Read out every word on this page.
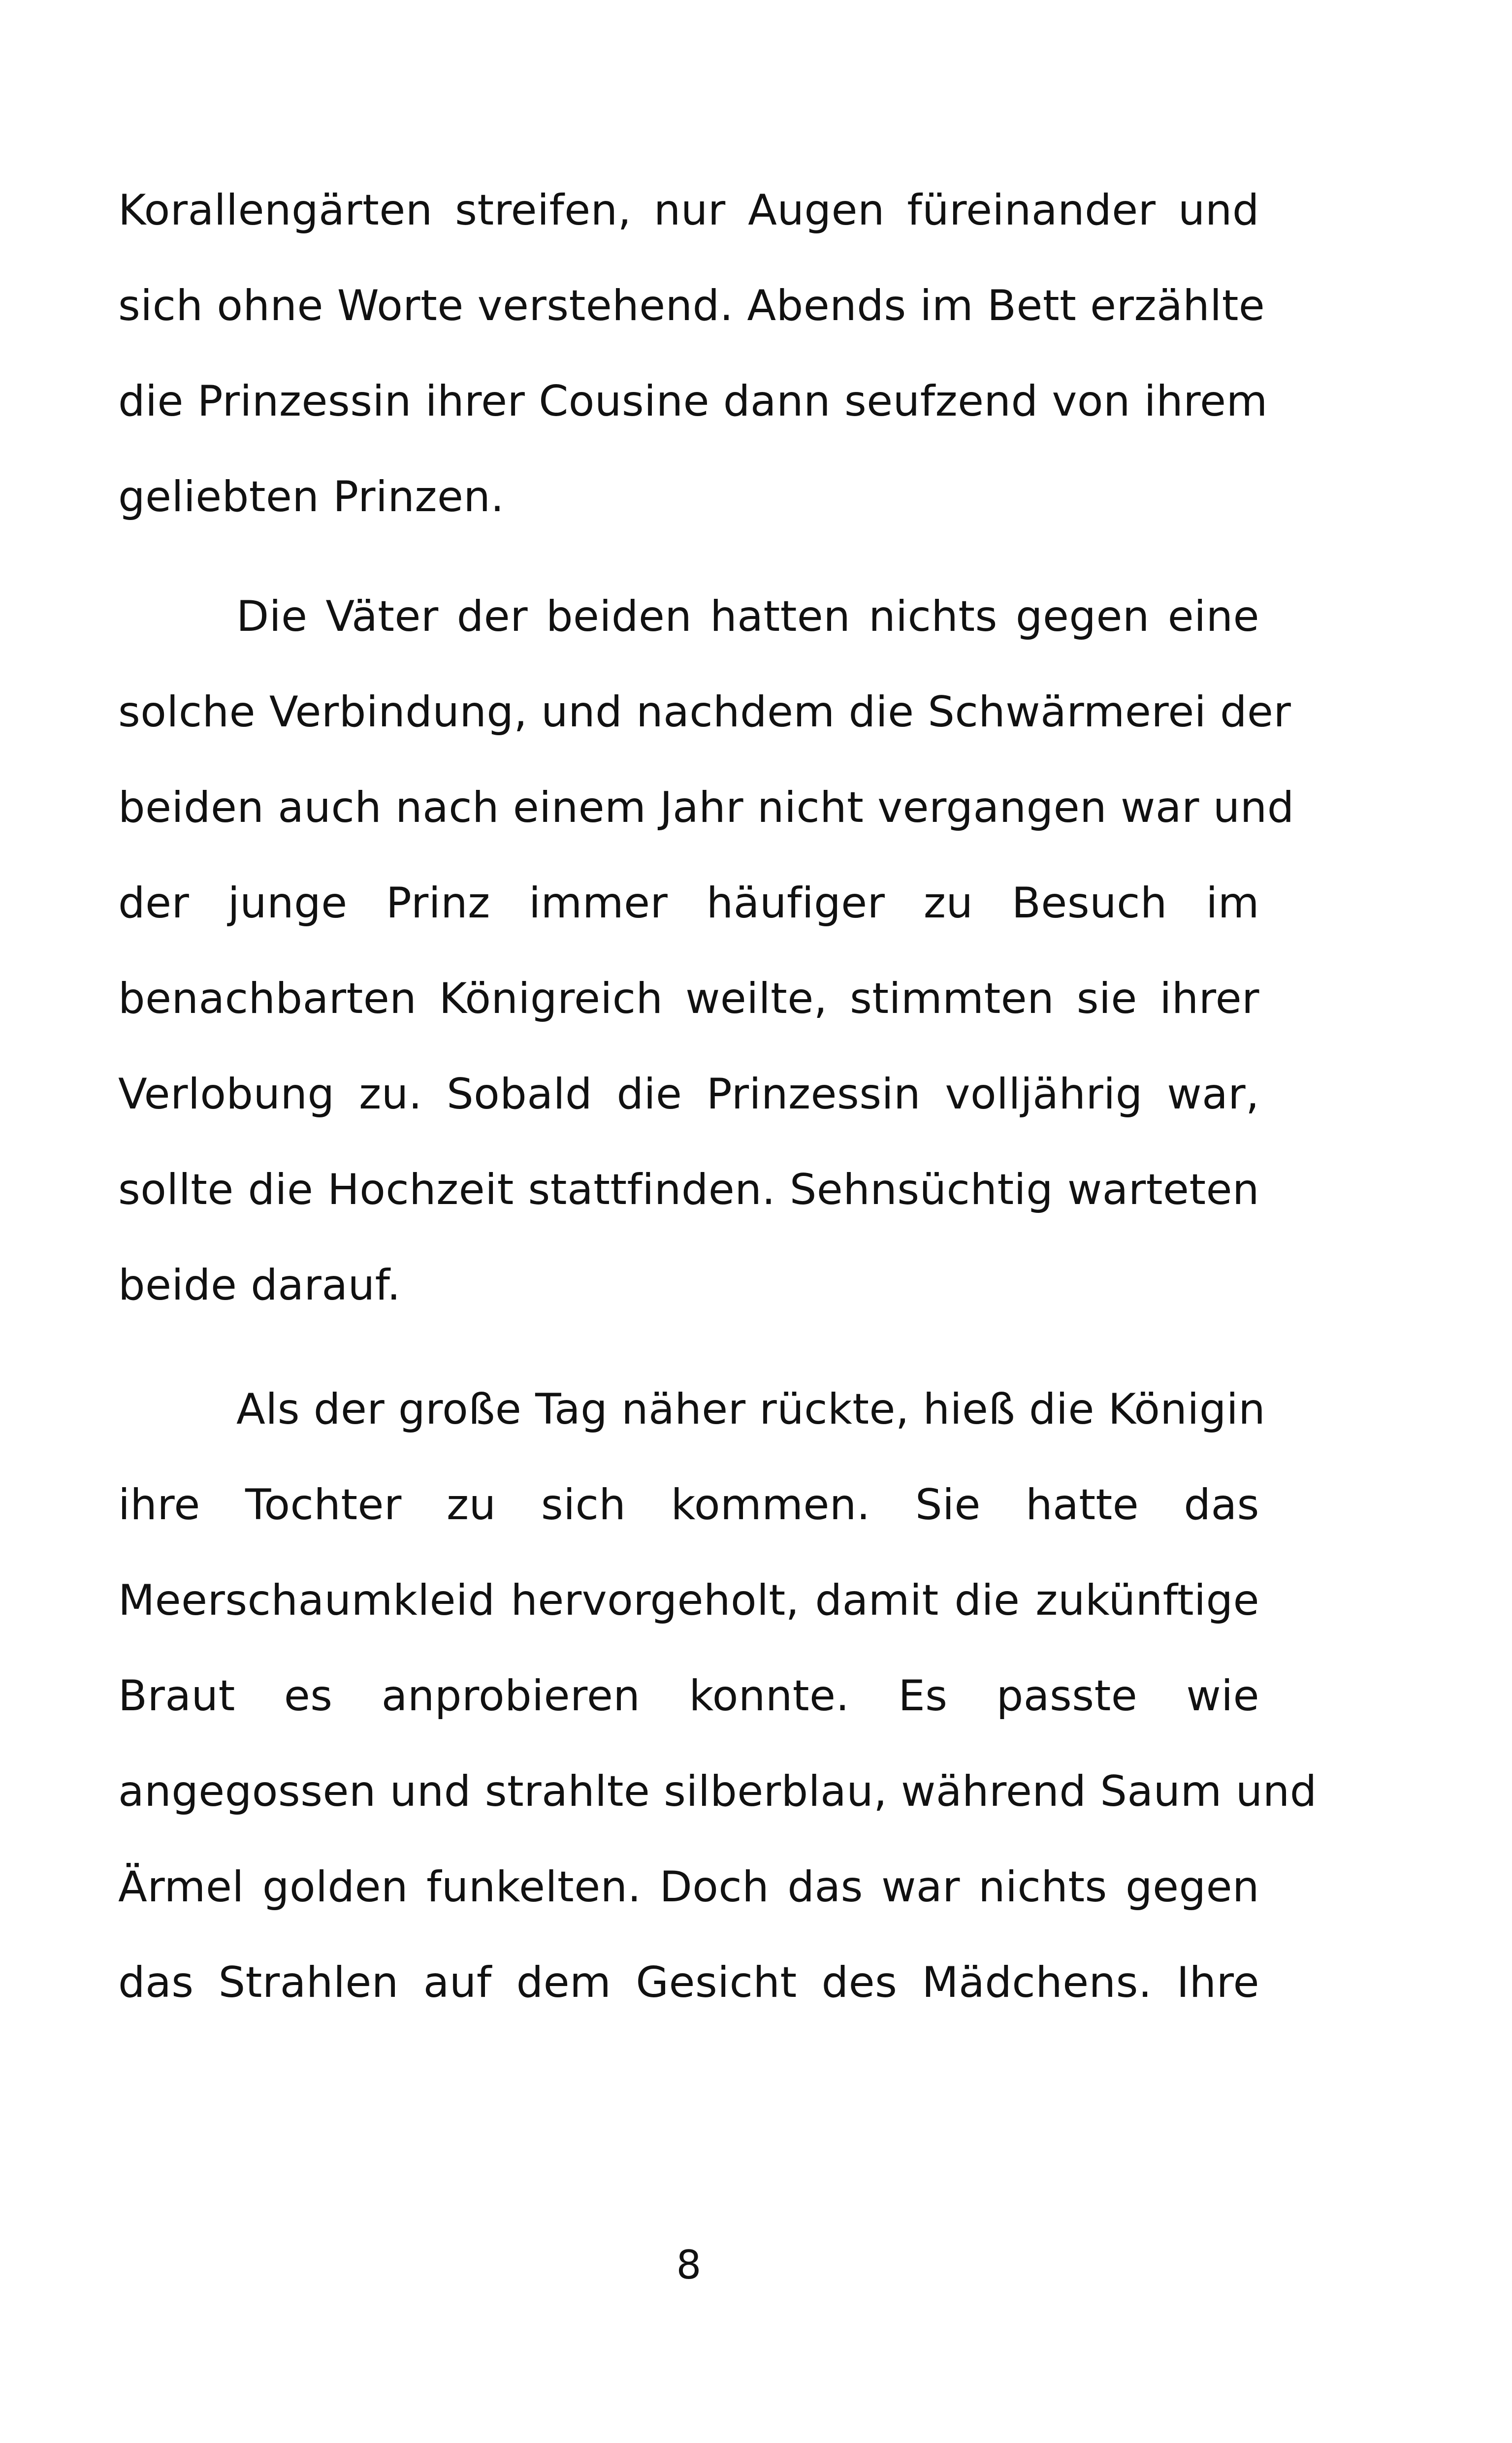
Korallengärten streifen, nur Augen füreinander und
sich ohne Worte verstehend. Abends im Bett erzählte
die Prinzessin ihrer Cousine dann seufzend von ihrem
geliebten Prinzen.
Die Väter der beiden hatten nichts gegen eine
solche Verbindung, und nachdem die Schwärmerei der
beiden auch nach einem Jahr nicht vergangen war und
der junge Prinz immer häufiger zu Besuch im
benachbarten Königreich weilte, stimmten sie ihrer
Verlobung zu. Sobald die Prinzessin volljährig war,
sollte die Hochzeit stattfinden. Sehnsüchtig warteten
beide darauf.
Als der große Tag näher rückte, hieß die Königin
ihre Tochter zu sich kommen. Sie hatte das
Meerschaumkleid hervorgeholt, damit die zukünftige
Braut es anprobieren konnte. Es passte wie
angegossen und strahlte silberblau, während Saum und
Ärmel golden funkelten. Doch das war nichts gegen
das Strahlen auf dem Gesicht des Mädchens. Ihre
8
